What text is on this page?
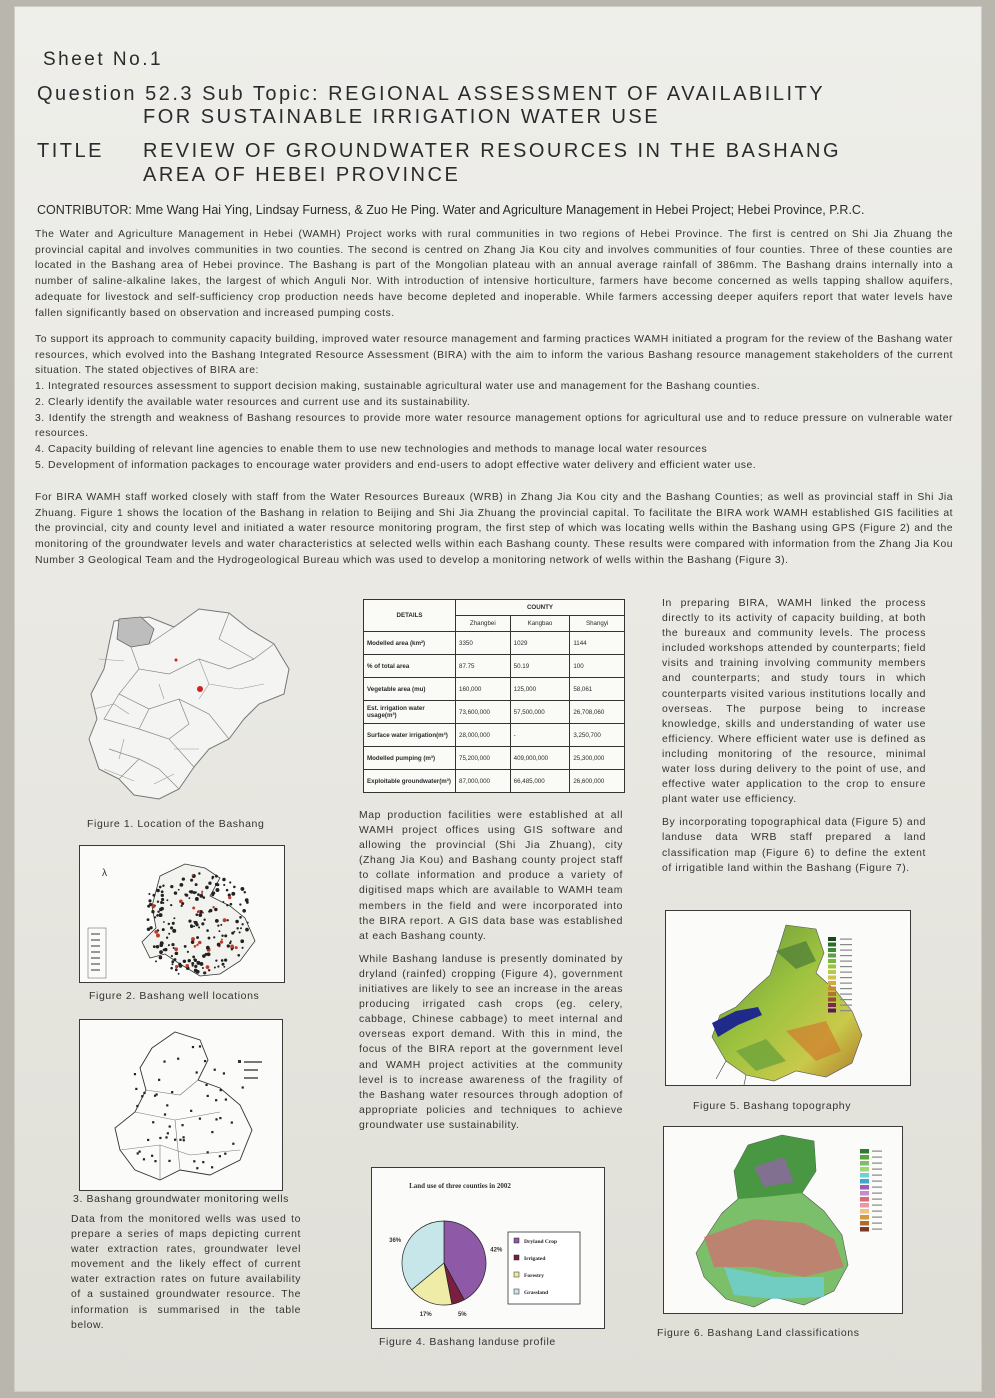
Sheet No.1
Question 52.3 Sub Topic: REGIONAL ASSESSMENT OF AVAILABILITY
FOR SUSTAINABLE IRRIGATION WATER USE
TITLE REVIEW OF GROUNDWATER RESOURCES IN THE BASHANG
AREA OF HEBEI PROVINCE
CONTRIBUTOR: Mme Wang Hai Ying, Lindsay Furness, & Zuo He Ping. Water and Agriculture Management in Hebei Project; Hebei Province, P.R.C.
The Water and Agriculture Management in Hebei (WAMH) Project works with rural communities in two regions of Hebei Province. The first is centred on Shi Jia Zhuang the provincial capital and involves communities in two counties. The second is centred on Zhang Jia Kou city and involves communities of four counties. Three of these counties are located in the Bashang area of Hebei province. The Bashang is part of the Mongolian plateau with an annual average rainfall of 386mm. The Bashang drains internally into a number of saline-alkaline lakes, the largest of which Anguli Nor. With introduction of intensive horticulture, farmers have become concerned as wells tapping shallow aquifers, adequate for livestock and self-sufficiency crop production needs have become depleted and inoperable. While farmers accessing deeper aquifers report that water levels have fallen significantly based on observation and increased pumping costs.

To support its approach to community capacity building, improved water resource management and farming practices WAMH initiated a program for the review of the Bashang water resources, which evolved into the Bashang Integrated Resource Assessment (BIRA) with the aim to inform the various Bashang resource management stakeholders of the current situation. The stated objectives of BIRA are:

1. Integrated resources assessment to support decision making, sustainable agricultural water use and management for the Bashang counties.

2. Clearly identify the available water resources and current use and its sustainability.

3. Identify the strength and weakness of Bashang resources to provide more water resource management options for agricultural use and to reduce pressure on vulnerable water resources.

4. Capacity building of relevant line agencies to enable them to use new technologies and methods to manage local water resources

5. Development of information packages to encourage water providers and end-users to adopt effective water delivery and efficient water use.

For BIRA WAMH staff worked closely with staff from the Water Resources Bureaux (WRB) in Zhang Jia Kou city and the Bashang Counties; as well as provincial staff in Shi Jia Zhuang. Figure 1 shows the location of the Bashang in relation to Beijing and Shi Jia Zhuang the provincial capital. To facilitate the BIRA work WAMH established GIS facilities at the provincial, city and county level and initiated a water resource monitoring program, the first step of which was locating wells within the Bashang using GPS (Figure 2) and the monitoring of the groundwater levels and water characteristics at selected wells within each Bashang county. These results were compared with information from the Zhang Jia Kou Number 3 Geological Team and the Hydrogeological Bureau which was used to develop a monitoring network of wells within the Bashang (Figure 3).
Figure 1. Location of the Bashang
λ
Figure 2. Bashang well locations
3. Bashang groundwater monitoring wells
Data from the monitored wells was used to prepare a series of maps depicting current water extraction rates, groundwater level movement and the likely effect of current water extraction rates on future availability of a sustained groundwater resource. The information is summarised in the table below.
DETAILS	COUNTY		
	Zhangbei	Kangbao	Shangyi
Modelled area (km²)	3350	1029	1144
% of total area	87.75	50.19	100
Vegetable area (mu)	160,000	125,000	58,061
Est. irrigation water usage(m³)	73,600,000	57,500,000	26,708,060
Surface water irrigation(m³)	28,000,000	-	3,250,700
Modelled pumping (m³)	75,200,000	409,000,000	25,300,000
Exploitable groundwater(m³)	87,000,000	66,485,000	26,600,000

Map production facilities were established at all WAMH project offices using GIS software and allowing the provincial (Shi Jia Zhuang), city (Zhang Jia Kou) and Bashang county project staff to collate information and produce a variety of digitised maps which are available to WAMH team members in the field and were incorporated into the BIRA report. A GIS data base was established at each Bashang county.

While Bashang landuse is presently dominated by dryland (rainfed) cropping (Figure 4), government initiatives are likely to see an increase in the areas producing irrigated cash crops (eg. celery, cabbage, Chinese cabbage) to meet internal and overseas export demand. With this in mind, the focus of the BIRA report at the government level and WAMH project activities at the community level is to increase awareness of the fragility of the Bashang water resources through adoption of appropriate policies and techniques to achieve groundwater use sustainability.

Land use of three counties in 2002
42%
5%
17%
36%	Dryland Crop
Irrigated
Forestry
Grassland
Figure 4. Bashang landuse profile

In preparing BIRA, WAMH linked the process directly to its activity of capacity building, at both the bureaux and community levels. The process included workshops attended by counterparts; field visits and training involving community members and counterparts; and study tours in which counterparts visited various institutions locally and overseas. The purpose being to increase knowledge, skills and understanding of water use efficiency. Where efficient water use is defined as including monitoring of the resource, minimal water loss during delivery to the point of use, and effective water application to the crop to ensure plant water use efficiency.

By incorporating topographical data (Figure 5) and landuse data WRB staff prepared a land classification map (Figure 6) to define the extent of irrigatible land within the Bashang (Figure 7).

Figure 5. Bashang topography
Figure 6. Bashang Land classifications
